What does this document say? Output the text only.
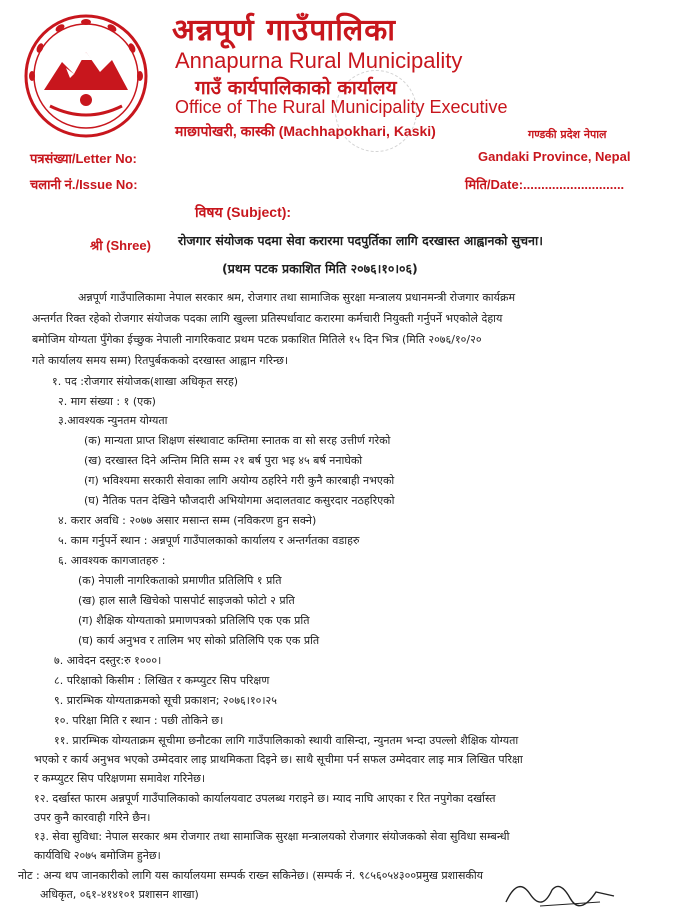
अन्नपूर्ण गाउँपालिका
Annapurna Rural Municipality
गाउँ कार्यपालिकाको कार्यालय
Office of The Rural Municipality Executive
माछापोखरी, कास्की (Machhapokhari, Kaski)	गण्डकी प्रदेश नेपाल
पत्रसंख्या/Letter No:	Gandaki Province, Nepal
चलानी नं./Issue No:	मिति/Date:............................
विषय (Subject):
श्री (Shree) रोजगार संयोजक पदमा सेवा करारमा पदपुर्तिका लागि दरखास्त आह्वानको सुचना।
(प्रथम पटक प्रकाशित मिति २०७६।१०।०६)
अन्नपूर्ण गाउँपालिकामा नेपाल सरकार श्रम, रोजगार तथा सामाजिक सुरक्षा मन्त्रालय प्रधानमन्त्री रोजगार कार्यक्रम
अन्तर्गत रिक्त रहेको रोजगार संयोजक पदका लागि खुल्ला प्रतिस्पर्धावाट करारमा कर्मचारी नियुक्ती गर्नुपर्ने भएकोले देहाय
बमोजिम योग्यता पुँगेका ईच्छुक नेपाली नागरिकवाट प्रथम पटक प्रकाशित मितिले १५ दिन भित्र (मिति २०७६/१०/२०
गते कार्यालय समय सम्म) रितपुर्बककको दरखास्त आह्वान गरिन्छ।
१. पद :रोजगार संयोजक(शाखा अधिकृत सरह)
२. माग संख्या : १ (एक)
३.आवश्यक न्युनतम योग्यता
(क) मान्यता प्राप्त शिक्षण संस्थावाट कम्तिमा स्नातक वा सो सरह उत्तीर्ण गरेको
(ख) दरखास्त दिने अन्तिम मिति सम्म २१ बर्ष पुरा भइ ४५ बर्ष ननाघेको
(ग) भविश्यमा सरकारी सेवाका लागि अयोग्य ठहरिने गरी कुनै कारबाही नभएको
(घ) नैतिक पतन देखिने फौजदारी अभियोगमा अदालतवाट कसुरदार नठहरिएको
४. करार अवधि : २०७७ असार मसान्त सम्म (नविकरण हुन सक्ने)
५. काम गर्नुपर्ने स्थान : अन्नपूर्ण गाउँपालकाको कार्यालय र अन्तर्गतका वडाहरु
६. आवश्यक कागजातहरु :
(क) नेपाली नागरिकताको प्रमाणीत प्रतिलिपि १ प्रति
(ख) हाल सालै खिचेको पासपोर्ट साइजको फोटो २ प्रति
(ग) शैक्षिक योग्यताको प्रमाणपत्रको प्रतिलिपि एक एक प्रति
(घ) कार्य अनुभव र तालिम भए सोको प्रतिलिपि एक एक प्रति
७. आवेदन दस्तुर:रु १०००।
८. परिक्षाको किसीम : लिखित र कम्प्युटर सिप परिक्षण
९. प्रारम्भिक योग्यताक्रमको सूची प्रकाशन; २०७६।१०।२५
१०. परिक्षा मिति र स्थान : पछी तोकिने छ।
११. प्रारम्भिक योग्यताक्रम सूचीमा छनौटका लागि गाउँपालिकाको स्थायी वासिन्दा, न्युनतम भन्दा उपल्लो शैक्षिक योग्यता
भएको र कार्य अनुभव भएको उम्मेदवार लाइ प्राथमिकता दिइने छ। साथै सूचीमा पर्न सफल उम्मेदवार लाइ मात्र लिखित परिक्षा
र कम्प्युटर सिप परिक्षणमा समावेश गरिनेछ।
१२. दर्खास्त फारम अन्नपूर्ण गाउँपालिकाको कार्यालयवाट उपलब्ध गराइने छ। म्याद नाघि आएका र रित नपुगेका दर्खास्त
उपर कुनै कारवाही गरिने छैन।
१३. सेवा सुविधा: नेपाल सरकार श्रम रोजगार तथा सामाजिक सुरक्षा मन्त्रालयको रोजगार संयोजकको सेवा सुविधा सम्बन्धी
कार्यविधि २०७५ बमोजिम हुनेछ।
नोट : अन्य थप जानकारीको लागि यस कार्यालयमा सम्पर्क राख्न सकिनेछ। (सम्पर्क नं. ९८५६०५४३००प्रमुख प्रशासकीय
अधिकृत, ०६१-४१४१०१ प्रशासन शाखा)
